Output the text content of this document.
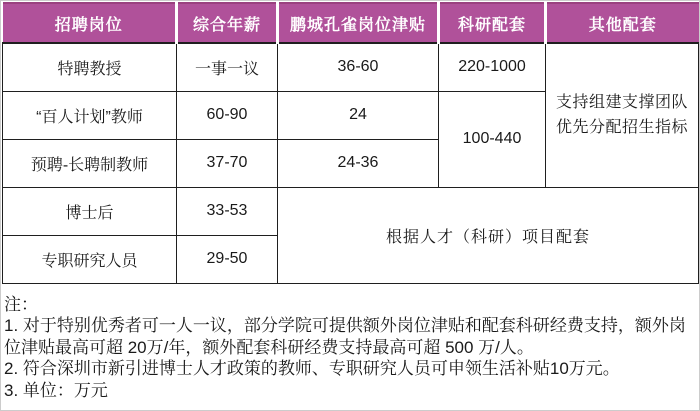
招聘岗位	综合年薪	鹏城孔雀岗位津贴	科研配套	其他配套
特聘教授	一事一议	36-60	220-1000	支持组建支撑团队
优先分配招生指标

“百人计划”教师	60-90	24	100-440	
预聘-长聘制教师	37-70	24-36		
博士后	33-53	根据人才（科研）项目配套		
专职研究人员	29-50			
注：
1. 对于特别优秀者可一人一议，部分学院可提供额外岗位津贴和配套科研经费支持，额外岗位津贴最高可超 20万/年，额外配套科研经费支持最高可超 500 万/人。
2. 符合深圳市新引进博士人才政策的教师、专职研究人员可申领生活补贴10万元。
3. 单位：万元
